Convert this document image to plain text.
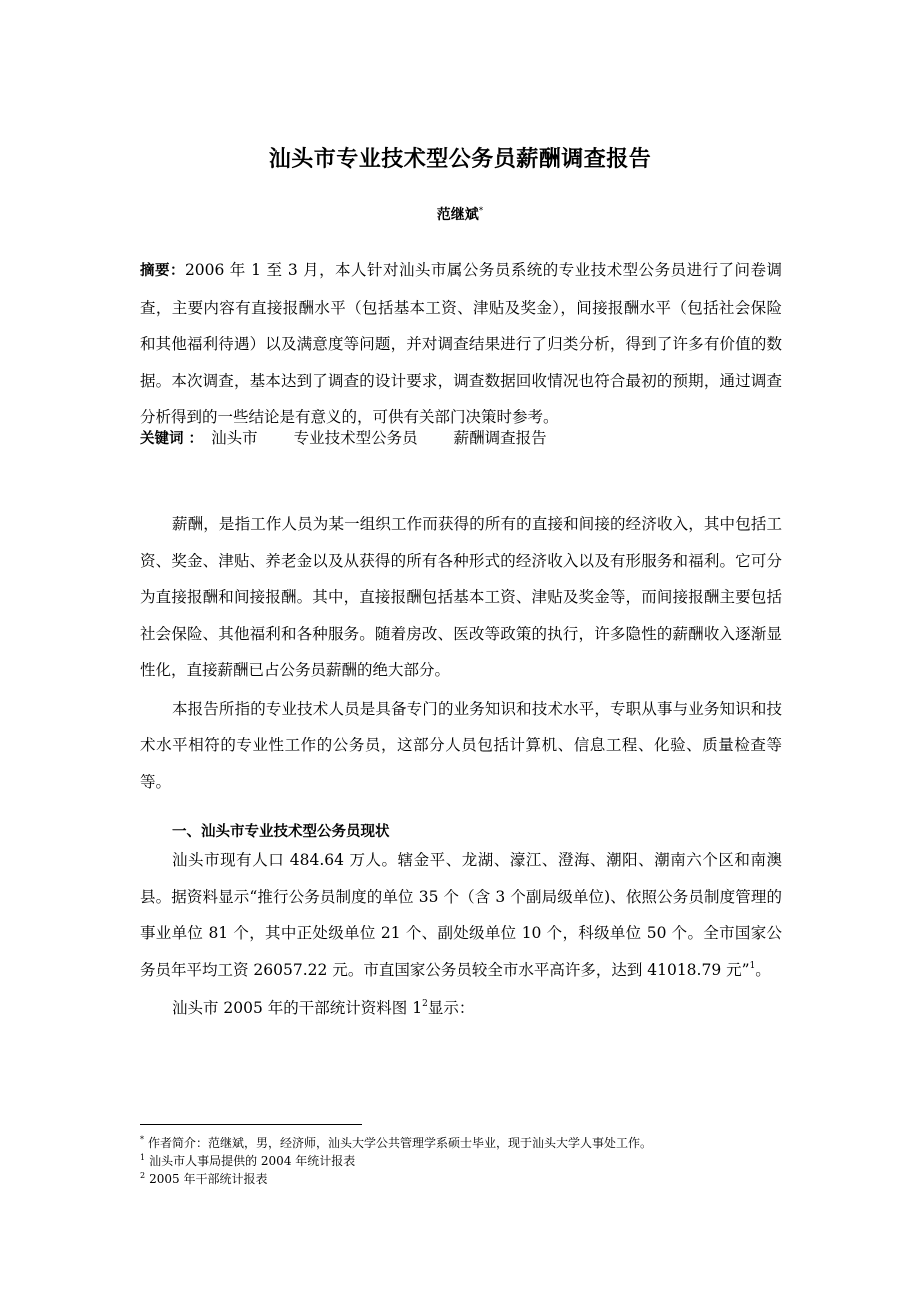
汕头市专业技术型公务员薪酬调查报告
范继斌*
摘要：2006 年 1 至 3 月，本人针对汕头市属公务员系统的专业技术型公务员进行了问卷调查，主要内容有直接报酬水平（包括基本工资、津贴及奖金），间接报酬水平（包括社会保险和其他福利待遇）以及满意度等问题，并对调查结果进行了归类分析，得到了许多有价值的数据。本次调查，基本达到了调查的设计要求，调查数据回收情况也符合最初的预期，通过调查分析得到的一些结论是有意义的，可供有关部门决策时参考。
关键词 ： 汕头市 专业技术型公务员 薪酬调查报告

薪酬，是指工作人员为某一组织工作而获得的所有的直接和间接的经济收入，其中包括工资、奖金、津贴、养老金以及从获得的所有各种形式的经济收入以及有形服务和福利。它可分为直接报酬和间接报酬。其中，直接报酬包括基本工资、津贴及奖金等，而间接报酬主要包括社会保险、其他福利和各种服务。随着房改、医改等政策的执行，许多隐性的薪酬收入逐渐显性化，直接薪酬已占公务员薪酬的绝大部分。

本报告所指的专业技术人员是具备专门的业务知识和技术水平，专职从事与业务知识和技术水平相符的专业性工作的公务员，这部分人员包括计算机、信息工程、化验、质量检查等等。

一、汕头市专业技术型公务员现状

汕头市现有人口 484.64 万人。辖金平、龙湖、濠江、澄海、潮阳、潮南六个区和南澳县。据资料显示“推行公务员制度的单位 35 个（含 3 个副局级单位)、依照公务员制度管理的事业单位 81 个，其中正处级单位 21 个、副处级单位 10 个，科级单位 50 个。全市国家公务员年平均工资 26057.22 元。市直国家公务员较全市水平高许多，达到 41018.79 元”$^1$。

汕头市 2005 年的干部统计资料图 1$^2$显示：

* 作者简介：范继斌，男，经济师，汕头大学公共管理学系硕士毕业，现于汕头大学人事处工作。
$^1$ 汕头市人事局提供的 2004 年统计报表
$^2$ 2005 年干部统计报表
